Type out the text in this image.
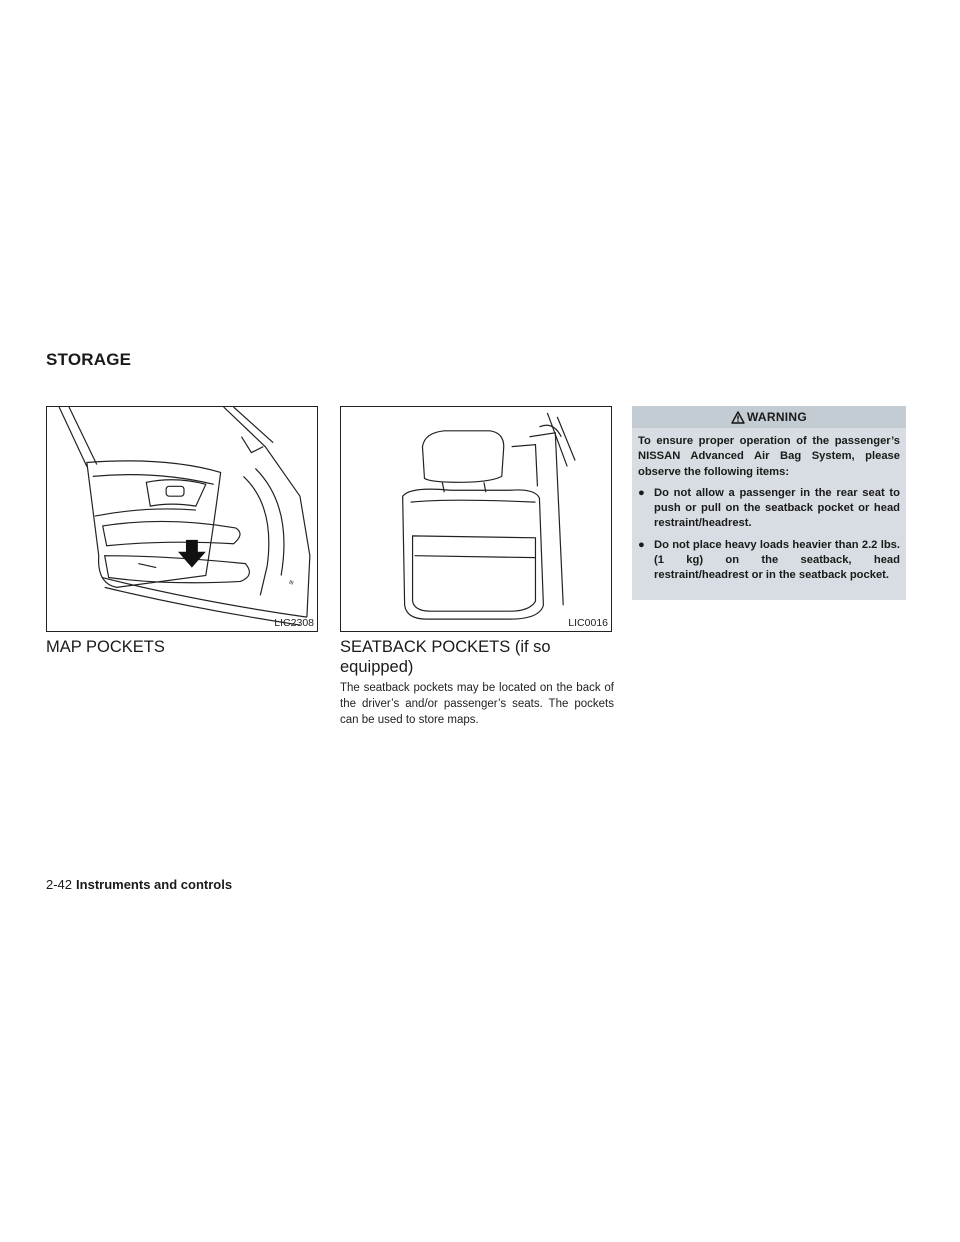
STORAGE
≡
LIC2308	LIC0016
MAP POCKETS	SEATBACK POCKETS (if so equipped)

The seatback pockets may be located on the back of the driver’s and/or passenger’s seats. The pockets can be used to store maps.

WARNING

To ensure proper operation of the passenger’s NISSAN Advanced Air Bag System, please observe the following items:

● Do not allow a passenger in the rear seat to push or pull on the seatback pocket or head restraint/headrest.
● Do not place heavy loads heavier than 2.2 lbs. (1 kg) on the seatback, head restraint/headrest or in the seatback pocket.
2-42 Instruments and controls
